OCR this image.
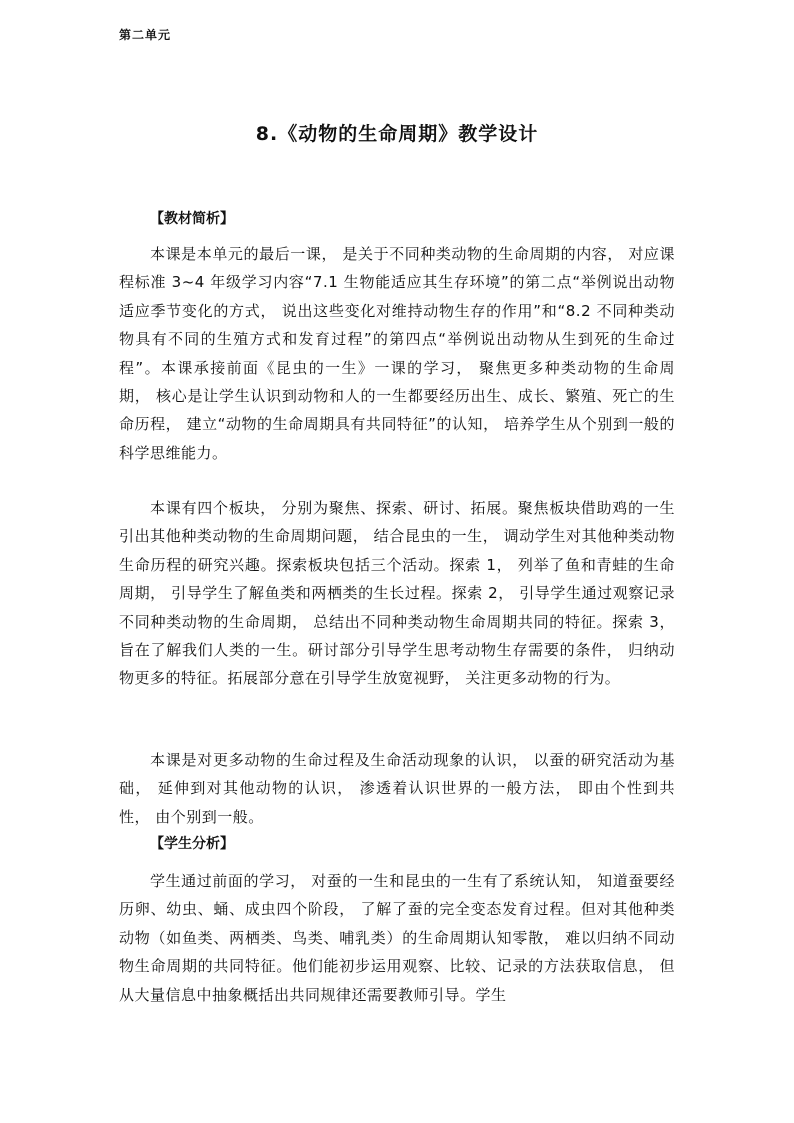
第二单元
8.《动物的生命周期》教学设计
【教材简析】
本课是本单元的最后一课， 是关于不同种类动物的生命周期的内容， 对应课程标准 3~4 年级学习内容“7.1 生物能适应其生存环境”的第二点“举例说出动物适应季节变化的方式， 说出这些变化对维持动物生存的作用”和“8.2 不同种类动物具有不同的生殖方式和发育过程”的第四点“举例说出动物从生到死的生命过程”。本课承接前面《昆虫的一生》一课的学习， 聚焦更多种类动物的生命周期， 核心是让学生认识到动物和人的一生都要经历出生、成长、繁殖、死亡的生命历程， 建立“动物的生命周期具有共同特征”的认知， 培养学生从个别到一般的科学思维能力。
本课有四个板块， 分别为聚焦、探索、研讨、拓展。聚焦板块借助鸡的一生引出其他种类动物的生命周期问题， 结合昆虫的一生， 调动学生对其他种类动物生命历程的研究兴趣。探索板块包括三个活动。探索 1， 列举了鱼和青蛙的生命周期， 引导学生了解鱼类和两栖类的生长过程。探索 2， 引导学生通过观察记录不同种类动物的生命周期， 总结出不同种类动物生命周期共同的特征。探索 3， 旨在了解我们人类的一生。研讨部分引导学生思考动物生存需要的条件， 归纳动物更多的特征。拓展部分意在引导学生放宽视野， 关注更多动物的行为。
本课是对更多动物的生命过程及生命活动现象的认识， 以蚕的研究活动为基础， 延伸到对其他动物的认识， 渗透着认识世界的一般方法， 即由个性到共性， 由个别到一般。
【学生分析】
学生通过前面的学习， 对蚕的一生和昆虫的一生有了系统认知， 知道蚕要经历卵、幼虫、蛹、成虫四个阶段， 了解了蚕的完全变态发育过程。但对其他种类动物（如鱼类、两栖类、鸟类、哺乳类）的生命周期认知零散， 难以归纳不同动物生命周期的共同特征。他们能初步运用观察、比较、记录的方法获取信息， 但从大量信息中抽象概括出共同规律还需要教师引导。学生
